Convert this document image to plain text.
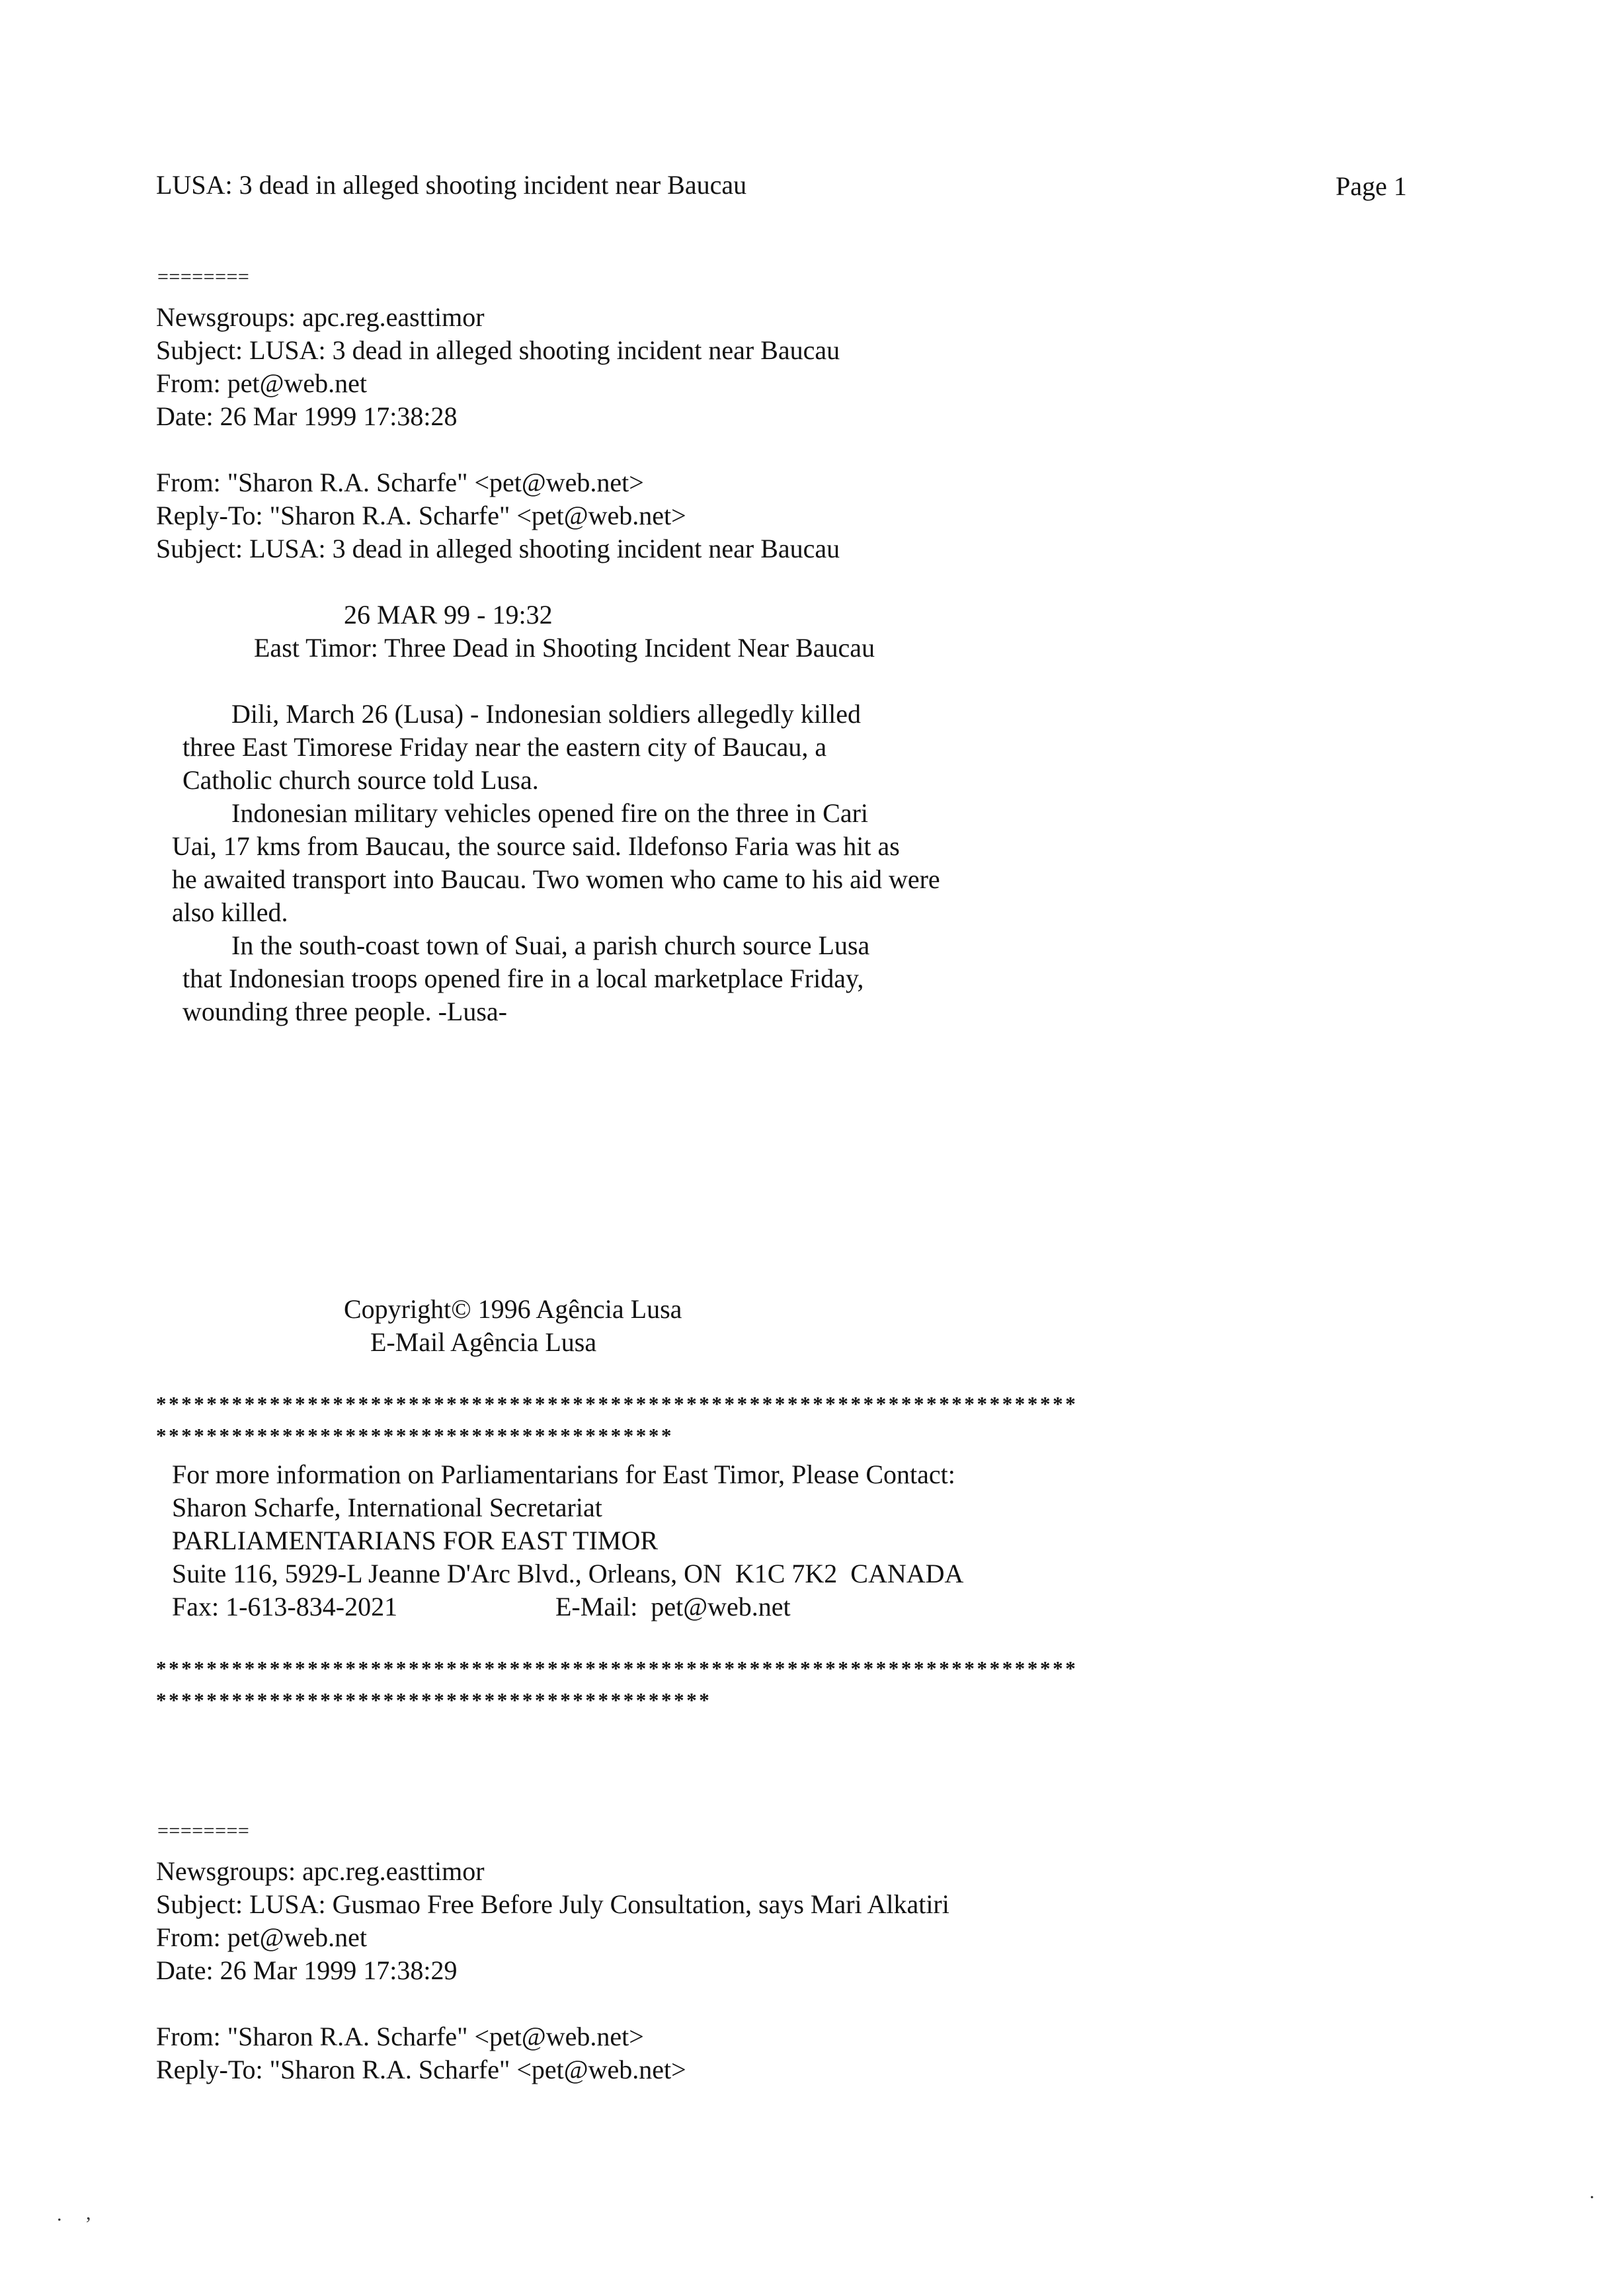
LUSA: 3 dead in alleged shooting incident near Baucau	Page 1
========
Newsgroups: apc.reg.easttimor
Subject: LUSA: 3 dead in alleged shooting incident near Baucau
From: pet@web.net
Date: 26 Mar 1999 17:38:28
From: "Sharon R.A. Scharfe" <pet@web.net>
Reply-To: "Sharon R.A. Scharfe" <pet@web.net>
Subject: LUSA: 3 dead in alleged shooting incident near Baucau
26 MAR 99 - 19:32
East Timor: Three Dead in Shooting Incident Near Baucau
Dili, March 26 (Lusa) - Indonesian soldiers allegedly killed
three East Timorese Friday near the eastern city of Baucau, a
Catholic church source told Lusa.
Indonesian military vehicles opened fire on the three in Cari
Uai, 17 kms from Baucau, the source said. Ildefonso Faria was hit as
he awaited transport into Baucau. Two women who came to his aid were
also killed.
In the south-coast town of Suai, a parish church source Lusa
that Indonesian troops opened fire in a local marketplace Friday,
wounding three people. -Lusa-
Copyright© 1996 Agência Lusa
E-Mail Agência Lusa
*************************************************************************
*****************************************
For more information on Parliamentarians for East Timor, Please Contact:
Sharon Scharfe, International Secretariat
PARLIAMENTARIANS FOR EAST TIMOR
Suite 116, 5929-L Jeanne D'Arc Blvd., Orleans, ON  K1C 7K2  CANADA
Fax: 1-613-834-2021	E-Mail:  pet@web.net
*************************************************************************
********************************************
========
Newsgroups: apc.reg.easttimor
Subject: LUSA: Gusmao Free Before July Consultation, says Mari Alkatiri
From: pet@web.net
Date: 26 Mar 1999 17:38:29
From: "Sharon R.A. Scharfe" <pet@web.net>
Reply-To: "Sharon R.A. Scharfe" <pet@web.net>
. ,
.
